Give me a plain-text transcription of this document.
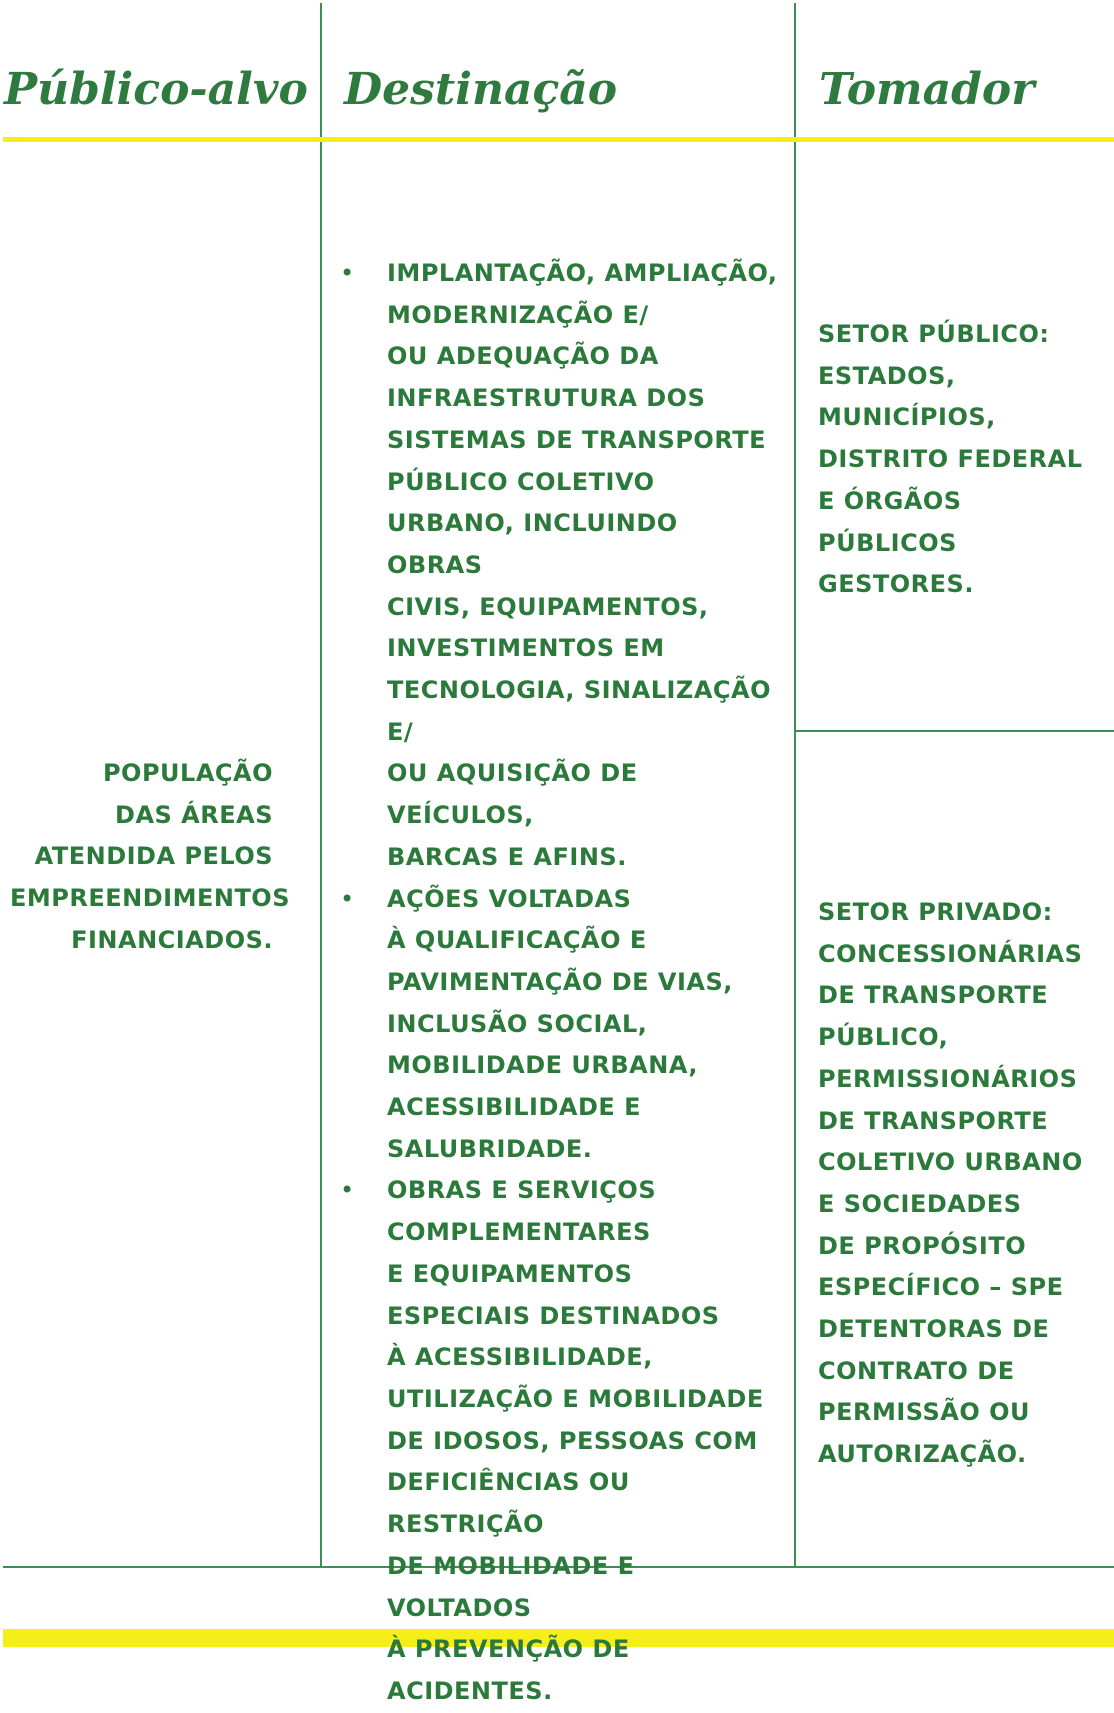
Público-alvo Destinação	Tomador

POPULAÇÃO
DAS ÁREAS
ATENDIDA PELOS
EMPREENDIMENTOS
FINANCIADOS.

• IMPLANTAÇÃO, AMPLIAÇÃO,
MODERNIZAÇÃO E/
OU ADEQUAÇÃO DA
INFRAESTRUTURA DOS
SISTEMAS DE TRANSPORTE
PÚBLICO COLETIVO
URBANO, INCLUINDO OBRAS
CIVIS, EQUIPAMENTOS,
INVESTIMENTOS EM
TECNOLOGIA, SINALIZAÇÃO E/
OU AQUISIÇÃO DE VEÍCULOS,
BARCAS E AFINS.

• AÇÕES VOLTADAS
À QUALIFICAÇÃO E
PAVIMENTAÇÃO DE VIAS,
INCLUSÃO SOCIAL,
MOBILIDADE URBANA,
ACESSIBILIDADE E
SALUBRIDADE.

• OBRAS E SERVIÇOS
COMPLEMENTARES
E EQUIPAMENTOS
ESPECIAIS DESTINADOS
À ACESSIBILIDADE,
UTILIZAÇÃO E MOBILIDADE
DE IDOSOS, PESSOAS COM
DEFICIÊNCIAS OU RESTRIÇÃO
DE MOBILIDADE E VOLTADOS
À PREVENÇÃO DE ACIDENTES.

SETOR PÚBLICO:
ESTADOS,
MUNICÍPIOS,
DISTRITO FEDERAL
E ÓRGÃOS PÚBLICOS
GESTORES.

SETOR PRIVADO:
CONCESSIONÁRIAS
DE TRANSPORTE
PÚBLICO,
PERMISSIONÁRIOS
DE TRANSPORTE
COLETIVO URBANO
E SOCIEDADES
DE PROPÓSITO
ESPECÍFICO – SPE
DETENTORAS DE
CONTRATO DE
PERMISSÃO OU
AUTORIZAÇÃO.
